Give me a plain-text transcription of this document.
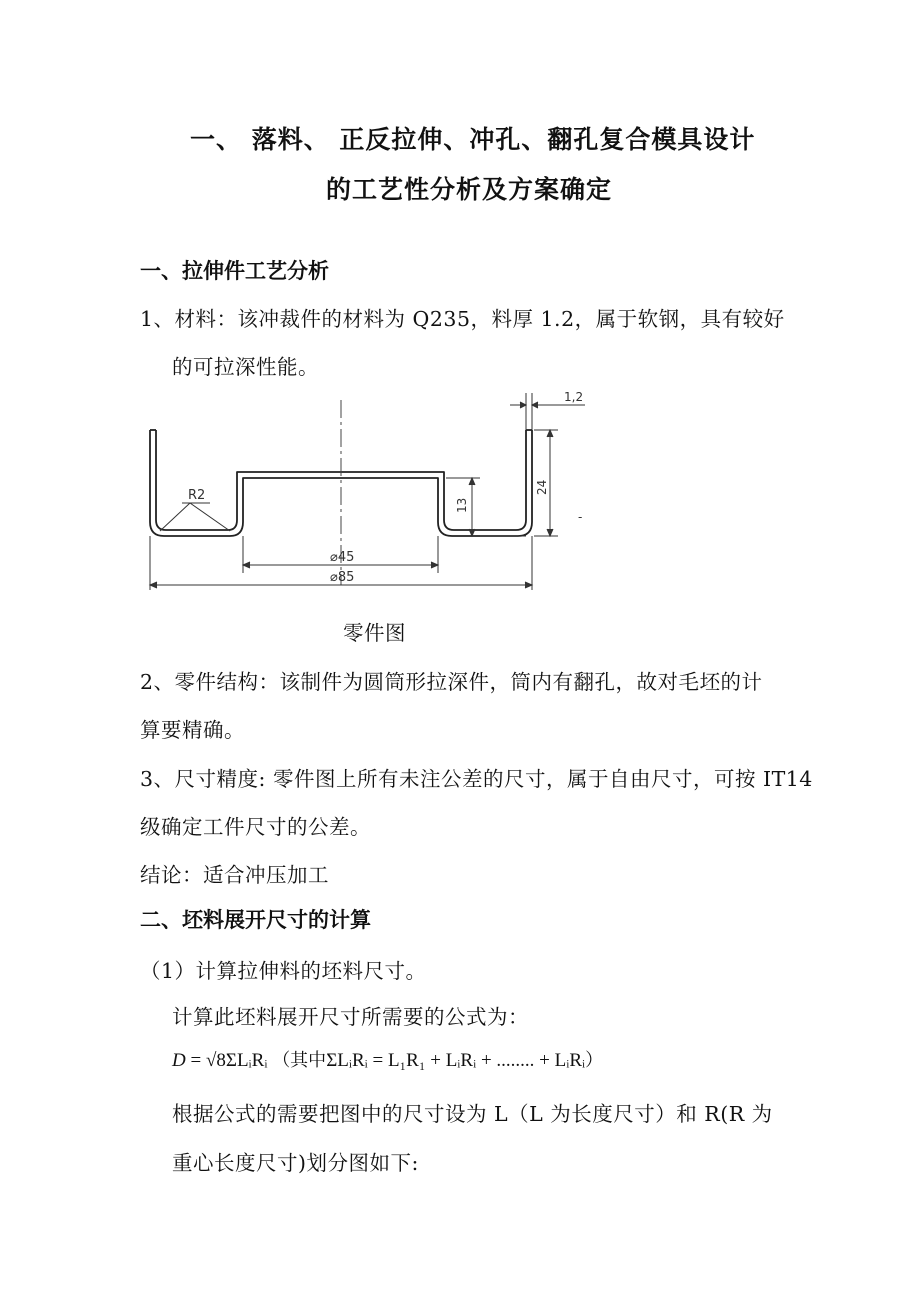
一、 落料、 正反拉伸、冲孔、翻孔复合模具设计
的工艺性分析及方案确定
一、拉伸件工艺分析
1、材料：该冲裁件的材料为 Q235，料厚 1.2，属于软钢，具有较好
的可拉深性能。
R2
1,2
24
-
13
⌀45
⌀85
零件图
2、零件结构：该制件为圆筒形拉深件，筒内有翻孔，故对毛坯的计
算要精确。
3、尺寸精度: 零件图上所有未注公差的尺寸，属于自由尺寸，可按 IT14
级确定工件尺寸的公差。
结论：适合冲压加工
二、坯料展开尺寸的计算
（1）计算拉伸料的坯料尺寸。
计算此坯料展开尺寸所需要的公式为：
D = √8ΣLᵢRᵢ （其中ΣLᵢRᵢ = L₁R₁ + LᵢRᵢ + ........ + LᵢRᵢ）
根据公式的需要把图中的尺寸设为 L（L 为长度尺寸）和 R(R 为
重心长度尺寸)划分图如下:
